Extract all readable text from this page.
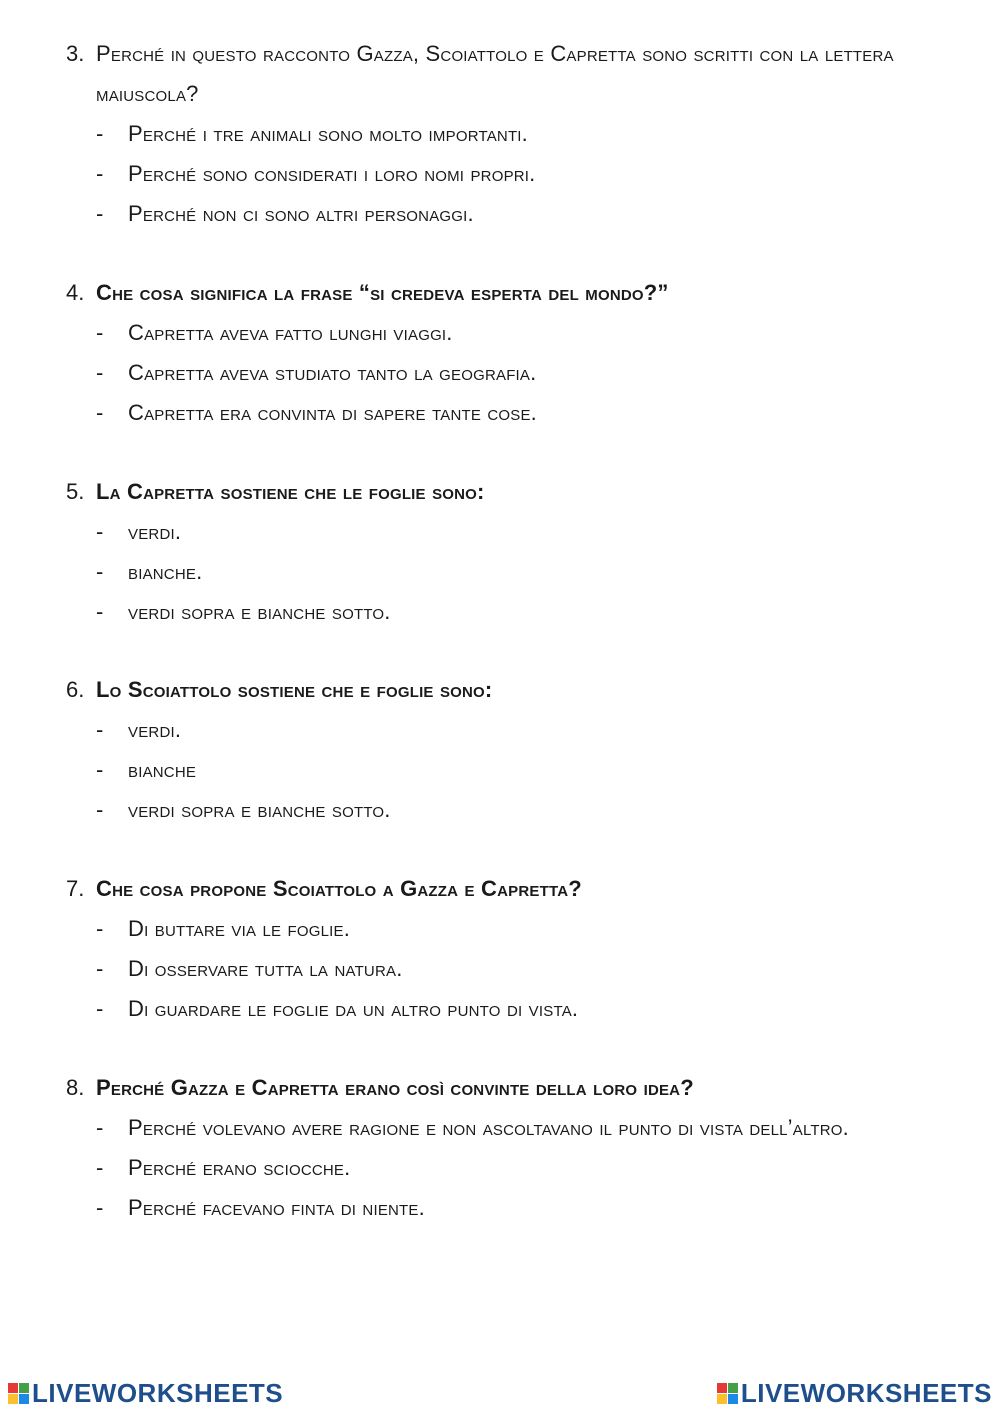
3. Perché in questo racconto Gazza, Scoiattolo e Capretta sono scritti con la lettera maiuscola?
-	Perché i tre animali sono molto importanti.
-	Perché sono considerati i loro nomi propri.
-	Perché non ci sono altri personaggi.
4. Che cosa significa la frase “si credeva esperta del mondo?”
-	Capretta aveva fatto lunghi viaggi.
-	Capretta aveva studiato tanto la geografia.
-	Capretta era convinta di sapere tante cose.
5. La Capretta sostiene che le foglie sono:
-	verdi.
-	bianche.
-	verdi sopra e bianche sotto.
6. Lo Scoiattolo sostiene che e foglie sono:
-	verdi.
-	bianche
-	verdi sopra e bianche sotto.
7. Che cosa propone Scoiattolo a Gazza e Capretta?
-	Di buttare via le foglie.
-	Di osservare tutta la natura.
-	Di guardare le foglie da un altro punto di vista.
8. Perché Gazza e Capretta erano così convinte della loro idea?
-	Perché volevano avere ragione e non ascoltavano il punto di vista dell’altro.
-	Perché erano sciocche.
-	Perché facevano finta di niente.
LIVEWORKSHEETS	LIVEWORKSHEETS
